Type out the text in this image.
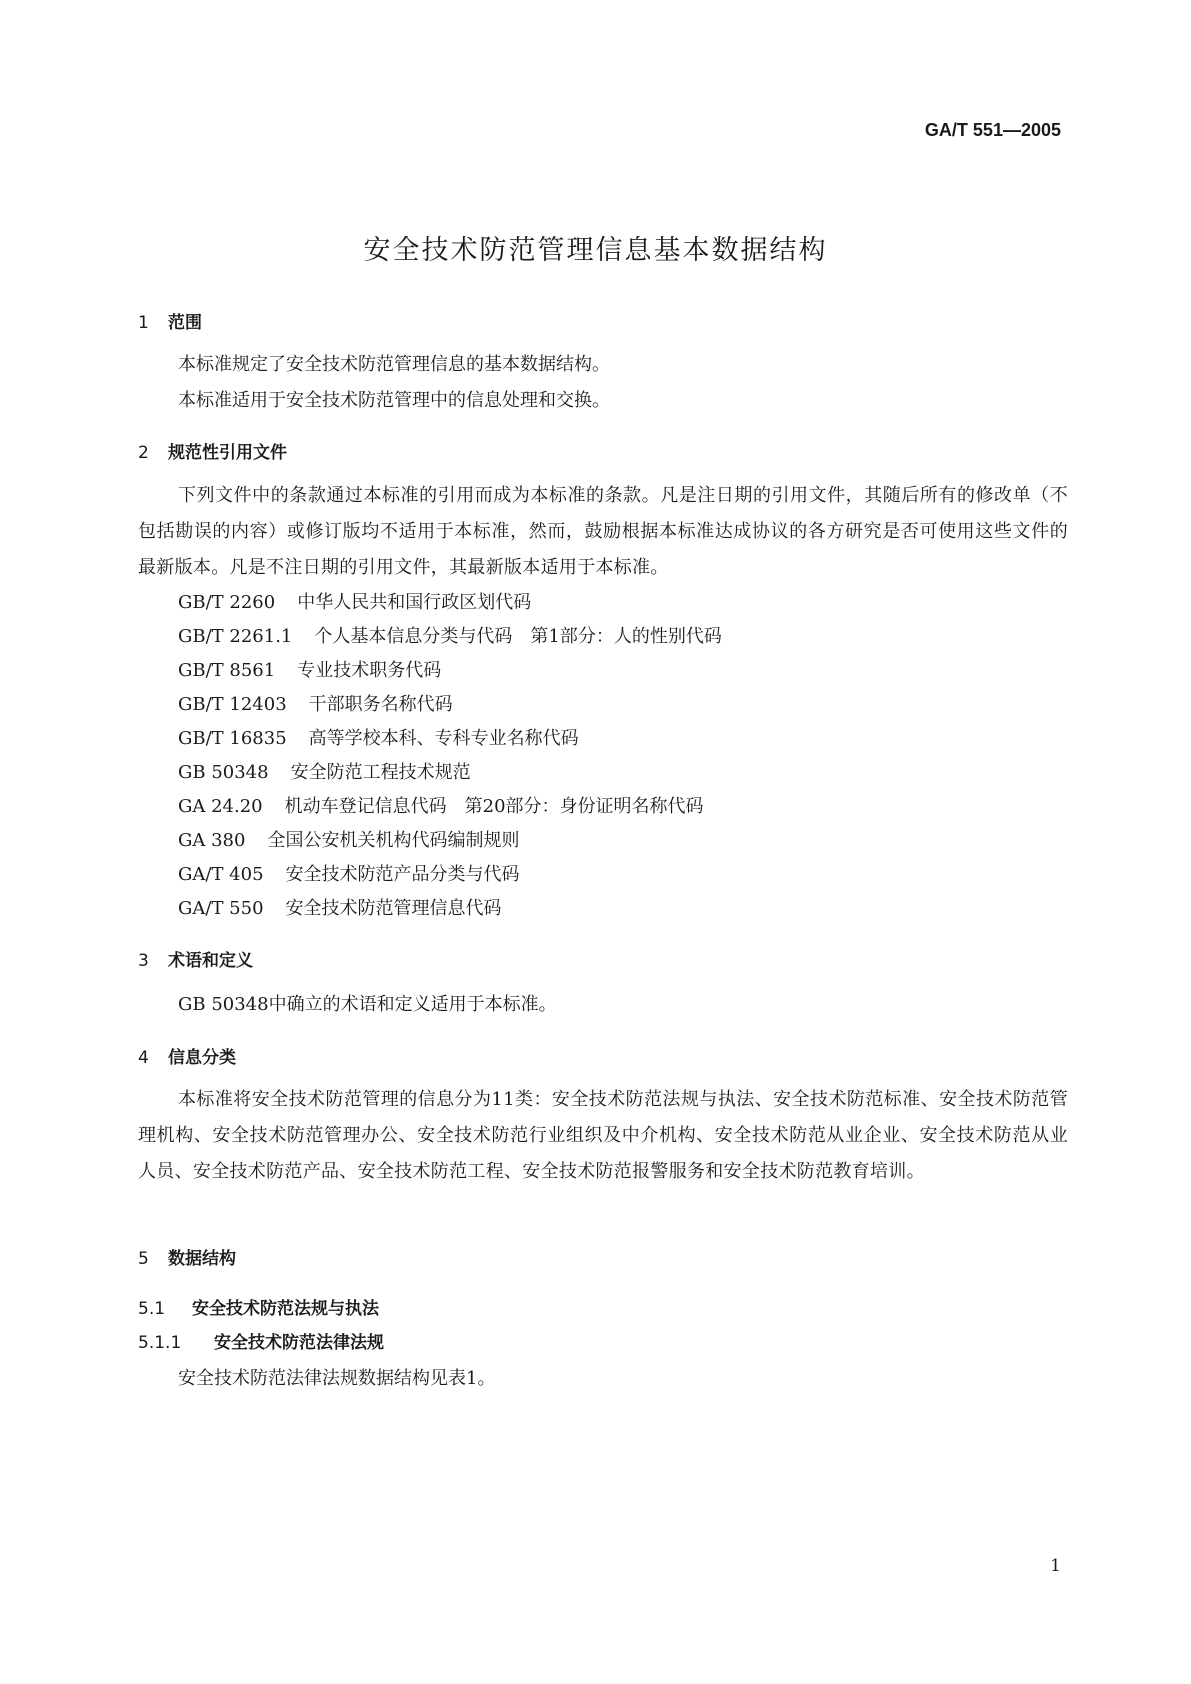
GA/T 551—2005
安全技术防范管理信息基本数据结构
1 范围
本标准规定了安全技术防范管理信息的基本数据结构。
本标准适用于安全技术防范管理中的信息处理和交换。
2 规范性引用文件
下列文件中的条款通过本标准的引用而成为本标准的条款。凡是注日期的引用文件，其随后所有的修改单（不包括勘误的内容）或修订版均不适用于本标准，然而，鼓励根据本标准达成协议的各方研究是否可使用这些文件的最新版本。凡是不注日期的引用文件，其最新版本适用于本标准。
GB/T 2260 中华人民共和国行政区划代码
GB/T 2261.1 个人基本信息分类与代码　第1部分：人的性别代码
GB/T 8561 专业技术职务代码
GB/T 12403 干部职务名称代码
GB/T 16835 高等学校本科、专科专业名称代码
GB 50348 安全防范工程技术规范
GA 24.20 机动车登记信息代码　第20部分：身份证明名称代码
GA 380 全国公安机关机构代码编制规则
GA/T 405 安全技术防范产品分类与代码
GA/T 550 安全技术防范管理信息代码
3 术语和定义
GB 50348中确立的术语和定义适用于本标准。
4 信息分类
本标准将安全技术防范管理的信息分为11类：安全技术防范法规与执法、安全技术防范标准、安全技术防范管理机构、安全技术防范管理办公、安全技术防范行业组织及中介机构、安全技术防范从业企业、安全技术防范从业人员、安全技术防范产品、安全技术防范工程、安全技术防范报警服务和安全技术防范教育培训。
5 数据结构
5.1 安全技术防范法规与执法
5.1.1 安全技术防范法律法规
安全技术防范法律法规数据结构见表1。
1
